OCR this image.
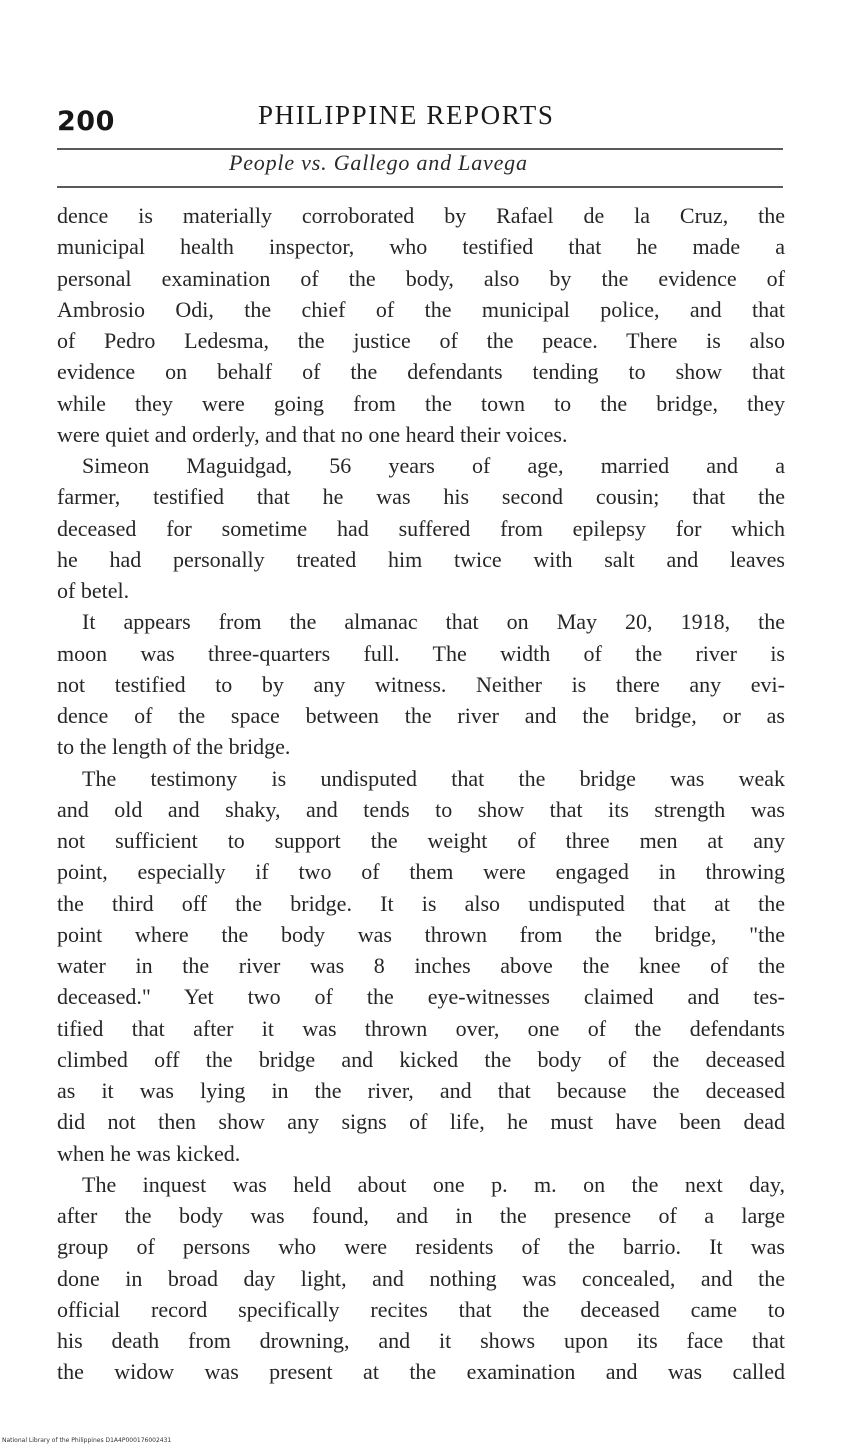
200	PHILIPPINE REPORTS
People vs. Gallego and Lavega
dence is materially corroborated by Rafael de la Cruz, the
municipal health inspector, who testified that he made a
personal examination of the body, also by the evidence of
Ambrosio Odi, the chief of the municipal police, and that
of Pedro Ledesma, the justice of the peace. There is also
evidence on behalf of the defendants tending to show that
while they were going from the town to the bridge, they
were quiet and orderly, and that no one heard their voices.
Simeon Maguidgad, 56 years of age, married and a
farmer, testified that he was his second cousin; that the
deceased for sometime had suffered from epilepsy for which
he had personally treated him twice with salt and leaves
of betel.
It appears from the almanac that on May 20, 1918, the
moon was three-quarters full. The width of the river is
not testified to by any witness. Neither is there any evi-
dence of the space between the river and the bridge, or as
to the length of the bridge.
The testimony is undisputed that the bridge was weak
and old and shaky, and tends to show that its strength was
not sufficient to support the weight of three men at any
point, especially if two of them were engaged in throwing
the third off the bridge. It is also undisputed that at the
point where the body was thrown from the bridge, "the
water in the river was 8 inches above the knee of the
deceased." Yet two of the eye-witnesses claimed and tes-
tified that after it was thrown over, one of the defendants
climbed off the bridge and kicked the body of the deceased
as it was lying in the river, and that because the deceased
did not then show any signs of life, he must have been dead
when he was kicked.
The inquest was held about one p. m. on the next day,
after the body was found, and in the presence of a large
group of persons who were residents of the barrio. It was
done in broad day light, and nothing was concealed, and the
official record specifically recites that the deceased came to
his death from drowning, and it shows upon its face that
the widow was present at the examination and was called
National Library of the Philippines D1A4P000176002431
